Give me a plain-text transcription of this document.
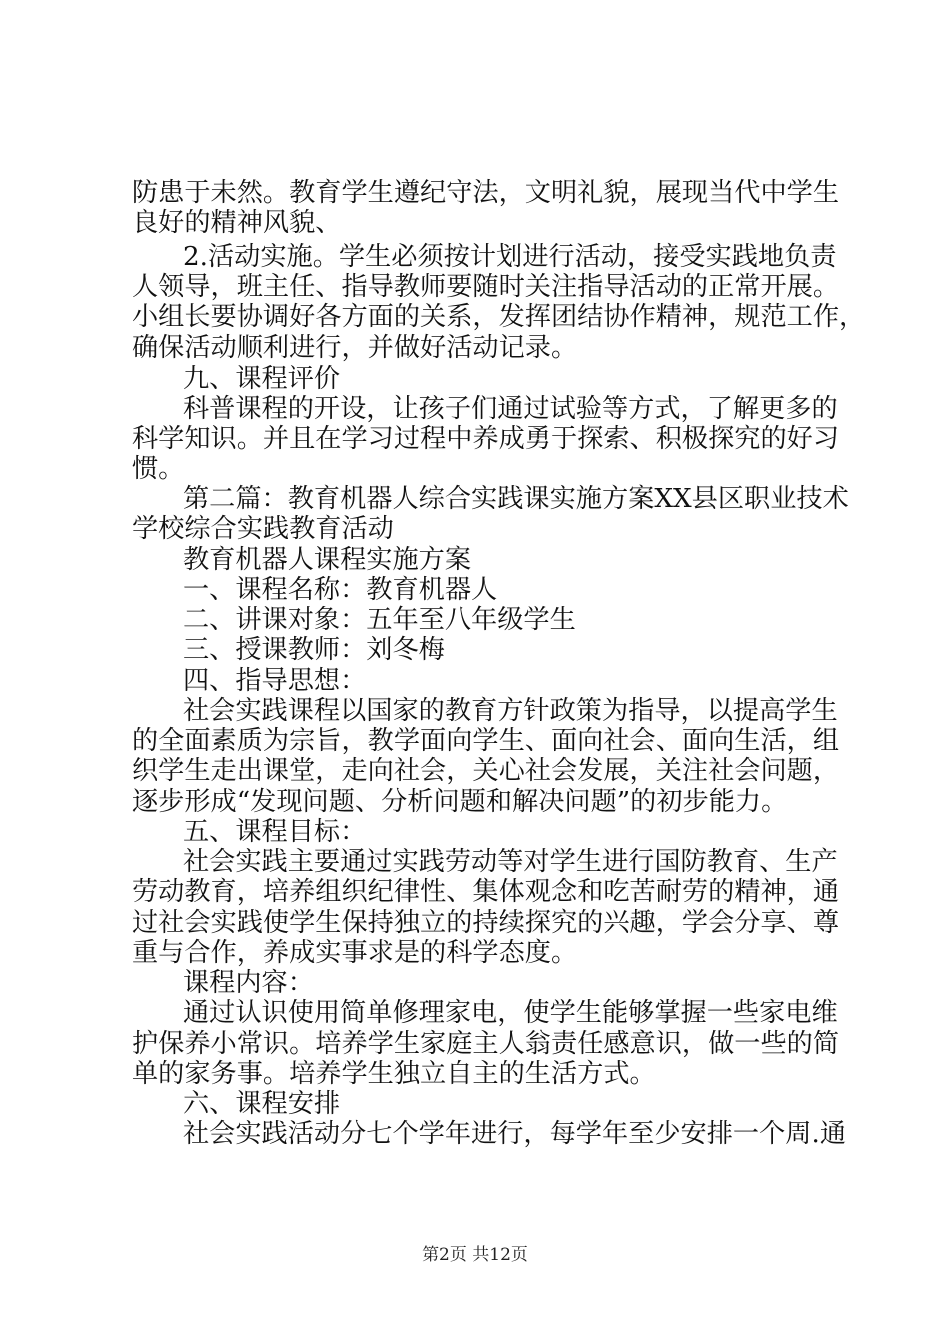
防患于未然。教育学生遵纪守法，文明礼貌，展现当代中学生
良好的精神风貌、
2.活动实施。学生必须按计划进行活动，接受实践地负责
人领导，班主任、指导教师要随时关注指导活动的正常开展。
小组长要协调好各方面的关系，发挥团结协作精神，规范工作，
确保活动顺利进行，并做好活动记录。
九、课程评价
科普课程的开设，让孩子们通过试验等方式，了解更多的
科学知识。并且在学习过程中养成勇于探索、积极探究的好习
惯。
第二篇：教育机器人综合实践课实施方案XX县区职业技术
学校综合实践教育活动
教育机器人课程实施方案
一、课程名称：教育机器人
二、讲课对象：五年至八年级学生
三、授课教师：刘冬梅
四、指导思想：
社会实践课程以国家的教育方针政策为指导，以提高学生
的全面素质为宗旨，教学面向学生、面向社会、面向生活，组
织学生走出课堂，走向社会，关心社会发展，关注社会问题，
逐步形成“发现问题、分析问题和解决问题”的初步能力。
五、课程目标：
社会实践主要通过实践劳动等对学生进行国防教育、生产
劳动教育，培养组织纪律性、集体观念和吃苦耐劳的精神，通
过社会实践使学生保持独立的持续探究的兴趣，学会分享、尊
重与合作，养成实事求是的科学态度。
课程内容：
通过认识使用简单修理家电，使学生能够掌握一些家电维
护保养小常识。培养学生家庭主人翁责任感意识，做一些的简
单的家务事。培养学生独立自主的生活方式。
六、课程安排
社会实践活动分七个学年进行，每学年至少安排一个周.通
第2页 共12页
